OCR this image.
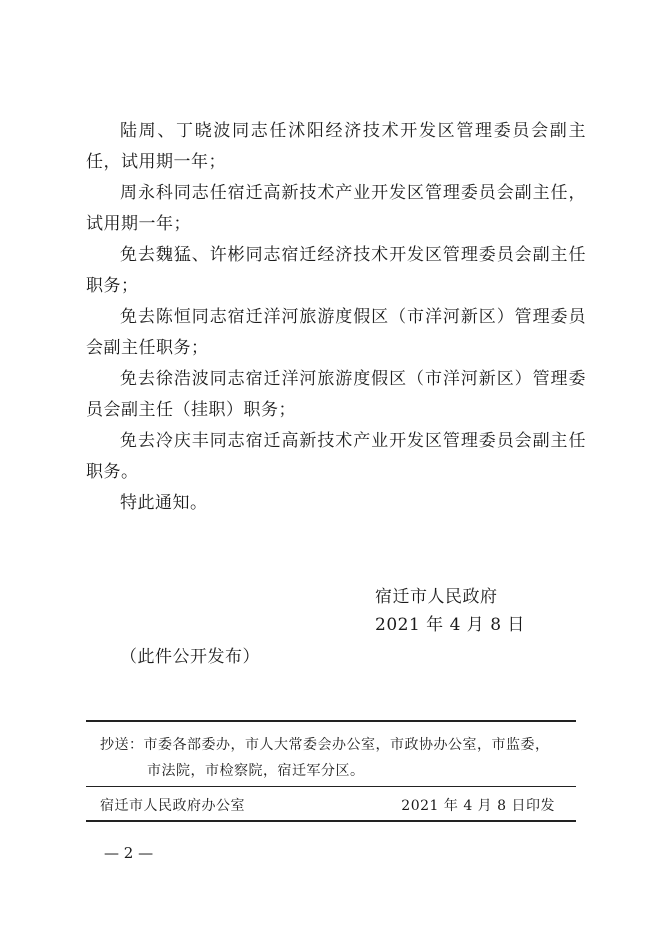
陆周、丁晓波同志任沭阳经济技术开发区管理委员会副主任，试用期一年；

周永科同志任宿迁高新技术产业开发区管理委员会副主任，试用期一年；

免去魏猛、许彬同志宿迁经济技术开发区管理委员会副主任职务；

免去陈恒同志宿迁洋河旅游度假区（市洋河新区）管理委员会副主任职务；

免去徐浩波同志宿迁洋河旅游度假区（市洋河新区）管理委员会副主任（挂职）职务；

免去冷庆丰同志宿迁高新技术产业开发区管理委员会副主任职务。

特此通知。

宿迁市人民政府
2021 年 4 月 8 日
（此件公开发布）
抄送：市委各部委办，市人大常委会办公室，市政协办公室，市监委，
市法院，市检察院，宿迁军分区。
宿迁市人民政府办公室	2021 年 4 月 8 日印发
— 2 —
